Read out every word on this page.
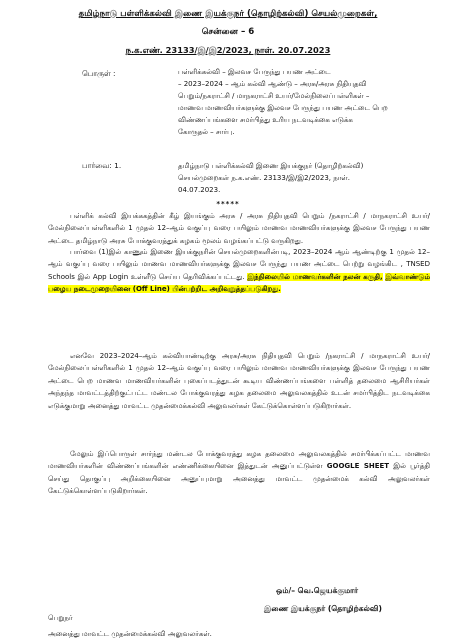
தமிழ்நாடு பள்ளிக்கல்வி இணை இயக்குநர் (தொழிற்கல்வி) செயல்முறைகள்,
சென்னை – 6
ந.க.எண். 23133/இ/இ2/2023, நாள். 20.07.2023
பொருள் :	பள்ளிக்கல்வி – இலவச பேருந்து பயண அட்டை
– 2023–2024 – ஆம் கல்வி ஆண்டு – அரசு/அரசு நிதியுதவி
பெறும்/நகராட்சி / மாநகராட்சி உயர்/மேல்நிலைப்பள்ளிகள் –
மாணவ மாணவியர்களுக்கு இலவச பேருந்து பயண அட்டை பெற
விண்ணப்பங்களை சமர்பித்து உரிய நடவடிக்கை எடுக்க
கோருதல் – சார்பு.
பார்வை: 1.	தமிழ்நாடு பள்ளிக்கல்வி இணை இயக்குநர் (தொழிற்கல்வி)
செயல்முறைகள் ந.க.எண். 23133/இ/இ2/2023, நாள்.
04.07.2023.
*****
பள்ளிக் கல்வி இயக்ககத்தின் கீழ் இயங்கும் அரசு / அரசு நிதியுதவி பெறும் /நகராட்சி / மாநகராட்சி உயர்/மேல்நிலைப்பள்ளிகளில் 1 முதல் 12–ஆம் வகுப்பு வரை பயிலும் மாணவ மாணவியர்களுக்கு இலவச பேருந்து பயண அட்டை தமிழ்நாடு அரசு போக்குவரத்துக் கழகம் மூலம் வழங்கப்பட்டு வருகிறது.
பார்வை (1)இல் காணும் இணை இயக்குநரின் செயல்முறைகளின்படி, 2023–2024 ஆம் ஆண்டிற்கு 1 முதல் 12–ஆம் வகுப்பு வரை பயிலும் மாணவ மாணவியர்களுக்கு இலவச பேருந்து பயண அட்டை பெற்று வழங்கிட , TNSED Schools இல் App Login உள்ளீடு செய்ய தெரிவிக்கப்பட்டது. இந்நிலையில் மாணவர்களின் நலன் கருதி, இவ்வாண்டும் பழைய நடைமுறையினை (Off Line) பின்பற்றிட அறிவுறுத்தப்படுகிறது.
எனவே 2023–2024–ஆம் கல்வியாண்டிற்கு அரசு/அரசு நிதியுதவி பெறும் /நகராட்சி / மாநகராட்சி உயர்/மேல்நிலைப்பள்ளிகளில் 1 முதல் 12–ஆம் வகுப்பு வரை பயிலும் மாணவ மாணவியர்களுக்கு இலவச பேருந்து பயண அட்டை பெற மாணவ மாணவியர்களின் புகைப்படத்துடன் கூடிய விண்ணப்பங்களை பள்ளித் தலைமை ஆசிரியர்கள் அந்தந்த மாவட்டத்திற்குட்பட்ட மண்டல போக்குவரத்து கழக தலைமை அலுவலகத்தில் உடன் சமர்பித்திட நடவடிக்கை எடுக்குமாறு அனைத்து மாவட்ட முதன்மைக்கல்வி அலுவலர்கள் கேட்டுக்கொள்ளப்படுகிறார்கள்.
மேலும் இப்பொருள் சார்ந்து மண்டல போக்குவரத்து கழக தலைமை அலுவலகத்தில் சமர்பிக்கப்பட்ட மாணவ மாணவியர்களின் விண்ணப்பங்களின் எண்ணிக்கையினை இத்துடன் அனுப்பட்டுள்ள GOOGLE SHEET இல் பூர்த்தி செய்து தொகுப்பு அறிக்கையினை அனுப்புமாறு அனைத்து மாவட்ட முதன்மைக் கல்வி அலுவலர்கள் கேட்டுக்கொள்ளப்படுகிறார்கள்.
ஒம்/– வெ.ஜெயக்குமார்
இணை இயக்குநர் (தொழிற்கல்வி)
பெறுநர்
அனைத்து மாவட்ட முதன்மைக்கல்வி அலுவலர்கள்.
